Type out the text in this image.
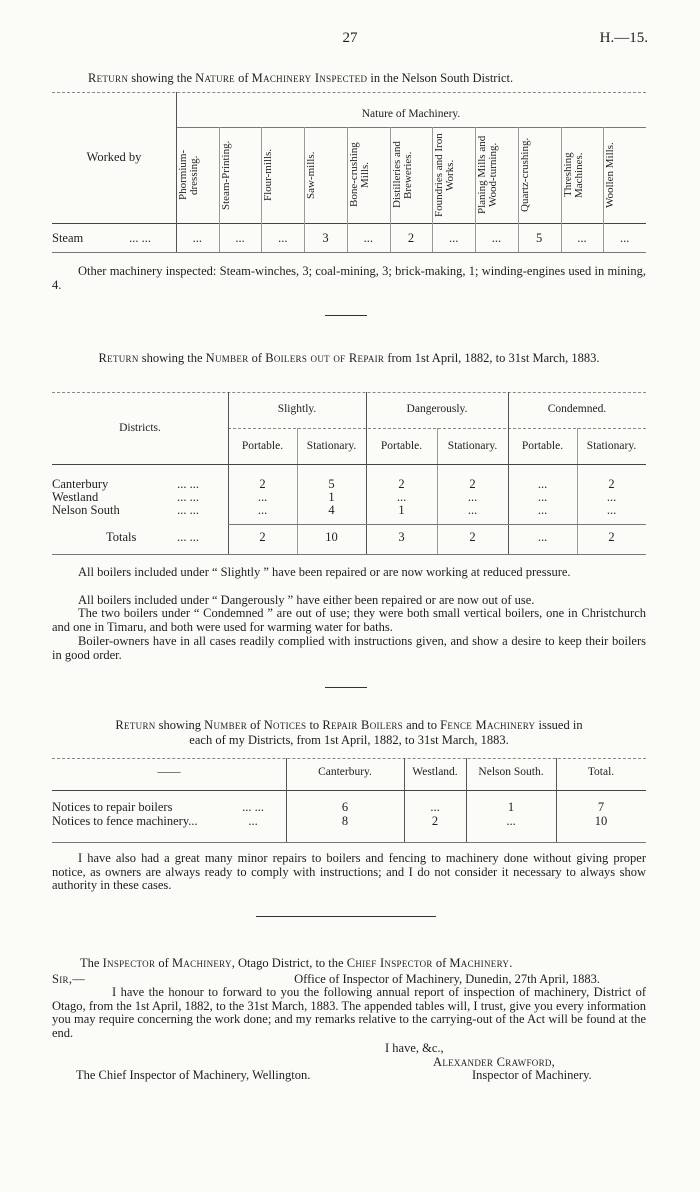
27	H.—15.
Return showing the Nature of Machinery Inspected in the Nelson South District.
Nature of Machinery.
Worked by	Phormium-dressing.	Steam-Printing.	Flour-mills.	Saw-mills.	Bone-crushing Mills.	Distilleries and Breweries.	Foundries and Iron Works.	Planing Mills and Wood-turning.	Quartz-crushing.	Threshing Machines.	Woollen Mills.
Steam	... ...	...	...	...	3	...	2	...	...	5	...	...
Other machinery inspected: Steam-winches, 3; coal-mining, 3; brick-making, 1; winding-engines used in mining, 4.
Return showing the Number of Boilers out of Repair from 1st April, 1882, to 31st March, 1883.
Districts.
Slightly.	Dangerously.	Condemned.
Portable.	Stationary.	Portable.	Stationary.	Portable.	Stationary.
Canterbury	... ...	2	5	2	2	...	2
Westland	... ...	...	1	...	...	...	...
Nelson South	... ...	...	4	1	...	...	...
Totals	... ...	2	10	3	2	...	2
All boilers included under “ Slightly ” have been repaired or are now working at reduced pressure.
All boilers included under “ Dangerously ” have either been repaired or are now out of use.
The two boilers under “ Condemned ” are out of use; they were both small vertical boilers, one in Christchurch and one in Timaru, and both were used for warming water for baths.
Boiler-owners have in all cases readily complied with instructions given, and show a desire to keep their boilers in good order.
Return showing Number of Notices to Repair Boilers and to Fence Machinery issued in
each of my Districts, from 1st April, 1882, to 31st March, 1883.
——	Canterbury.	Westland.	Nelson South.	Total.
Notices to repair boilers	... ...	6	...	1	7
Notices to fence machinery...	...	8	2	...	10
I have also had a great many minor repairs to boilers and fencing to machinery done without giving proper notice, as owners are always ready to comply with instructions; and I do not consider it necessary to always show authority in these cases.
The Inspector of Machinery, Otago District, to the Chief Inspector of Machinery.
Sir,—	Office of Inspector of Machinery, Dunedin, 27th April, 1883.
I have the honour to forward to you the following annual report of inspection of machinery, District of Otago, from the 1st April, 1882, to the 31st March, 1883. The appended tables will, I trust, give you every information you may require concerning the work done; and my remarks relative to the carrying-out of the Act will be found at the end.
I have, &c.,
Alexander Crawford,
Inspector of Machinery.
The Chief Inspector of Machinery, Wellington.
